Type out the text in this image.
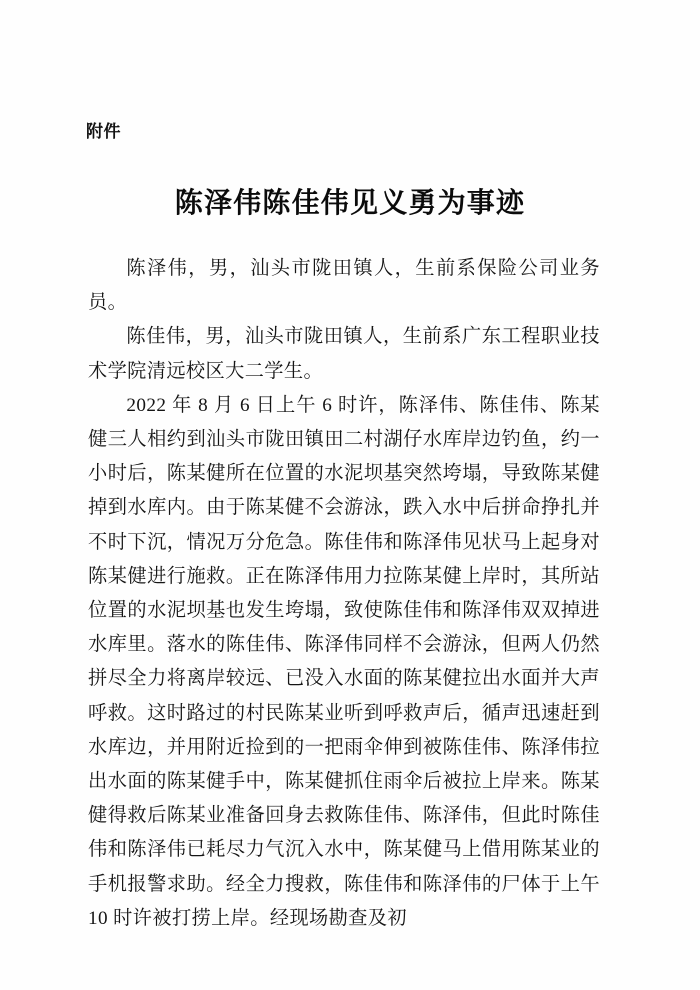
附件
陈泽伟陈佳伟见义勇为事迹

陈泽伟，男，汕头市陇田镇人，生前系保险公司业务员。

陈佳伟，男，汕头市陇田镇人，生前系广东工程职业技术学院清远校区大二学生。

2022 年 8 月 6 日上午 6 时许，陈泽伟、陈佳伟、陈某健三人相约到汕头市陇田镇田二村湖仔水库岸边钓鱼，约一小时后，陈某健所在位置的水泥坝基突然垮塌，导致陈某健掉到水库内。由于陈某健不会游泳，跌入水中后拼命挣扎并不时下沉，情况万分危急。陈佳伟和陈泽伟见状马上起身对陈某健进行施救。正在陈泽伟用力拉陈某健上岸时，其所站位置的水泥坝基也发生垮塌，致使陈佳伟和陈泽伟双双掉进水库里。落水的陈佳伟、陈泽伟同样不会游泳，但两人仍然拼尽全力将离岸较远、已没入水面的陈某健拉出水面并大声呼救。这时路过的村民陈某业听到呼救声后，循声迅速赶到水库边，并用附近捡到的一把雨伞伸到被陈佳伟、陈泽伟拉出水面的陈某健手中，陈某健抓住雨伞后被拉上岸来。陈某健得救后陈某业准备回身去救陈佳伟、陈泽伟，但此时陈佳伟和陈泽伟已耗尽力气沉入水中，陈某健马上借用陈某业的手机报警求助。经全力搜救，陈佳伟和陈泽伟的尸体于上午 10 时许被打捞上岸。经现场勘查及初
